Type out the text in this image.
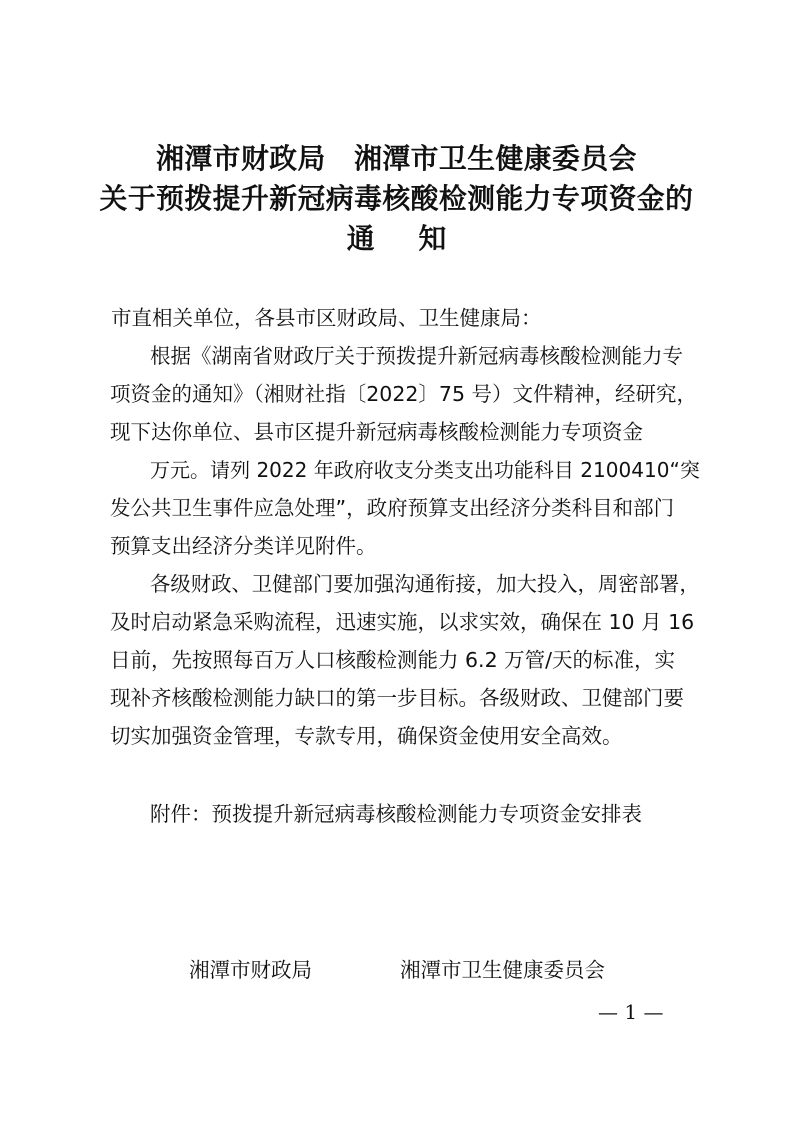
湘潭市财政局　湘潭市卫生健康委员会
关于预拨提升新冠病毒核酸检测能力专项资金的
通 知
市直相关单位，各县市区财政局、卫生健康局：
根据《湖南省财政厅关于预拨提升新冠病毒核酸检测能力专
项资金的通知》（湘财社指〔2022〕75 号）文件精神，经研究，
现下达你单位、县市区提升新冠病毒核酸检测能力专项资金
万元。请列 2022 年政府收支分类支出功能科目 2100410“突
发公共卫生事件应急处理”，政府预算支出经济分类科目和部门
预算支出经济分类详见附件。
各级财政、卫健部门要加强沟通衔接，加大投入，周密部署，
及时启动紧急采购流程，迅速实施，以求实效，确保在 10 月 16
日前，先按照每百万人口核酸检测能力 6.2 万管/天的标准，实
现补齐核酸检测能力缺口的第一步目标。各级财政、卫健部门要
切实加强资金管理，专款专用，确保资金使用安全高效。
附件：预拨提升新冠病毒核酸检测能力专项资金安排表
湘潭市财政局	湘潭市卫生健康委员会
— 1 —
